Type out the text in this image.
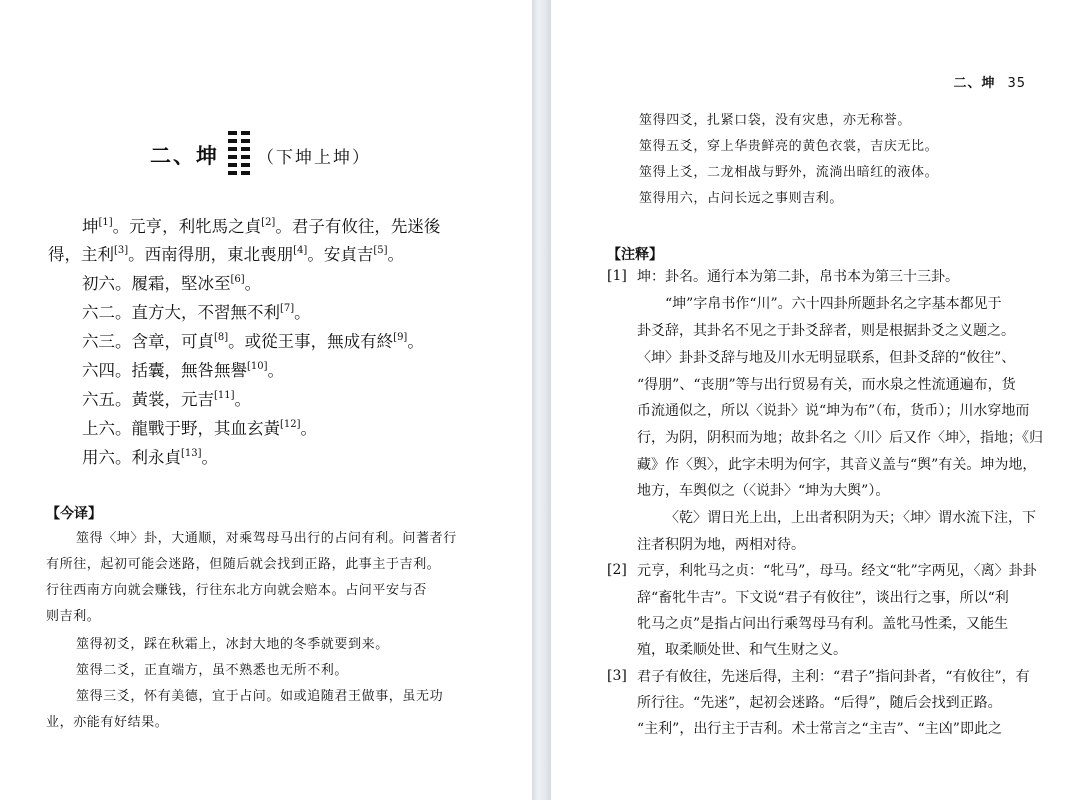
二、坤 （下坤上坤）
坤[1]。元亨，利牝馬之貞[2]。君子有攸往，先迷後
得，主利[3]。西南得朋，東北喪朋[4]。安貞吉[5]。
初六。履霜，堅冰至[6]。
六二。直方大，不習無不利[7]。
六三。含章，可貞[8]。或從王事，無成有終[9]。
六四。括囊，無咎無譽[10]。
六五。黃裳，元吉[11]。
上六。龍戰于野，其血玄黃[12]。
用六。利永貞[13]。
【今译】
筮得〈坤〉卦，大通顺，对乘驾母马出行的占问有利。问蓍者行
有所往，起初可能会迷路，但随后就会找到正路，此事主于吉利。
行往西南方向就会赚钱，行往东北方向就会赔本。占问平安与否
则吉利。
筮得初爻，踩在秋霜上，冰封大地的冬季就要到来。
筮得二爻，正直端方，虽不熟悉也无所不利。
筮得三爻，怀有美德，宜于占问。如或追随君王做事，虽无功
业，亦能有好结果。
二、坤 35
筮得四爻，扎紧口袋，没有灾患，亦无称誉。
筮得五爻，穿上华贵鲜亮的黄色衣裳，吉庆无比。
筮得上爻，二龙相战与野外，流淌出暗红的液体。
筮得用六，占问长远之事则吉利。
【注释】
[1] 坤：卦名。通行本为第二卦，帛书本为第三十三卦。
“坤”字帛书作“川”。六十四卦所题卦名之字基本都见于
卦爻辞，其卦名不见之于卦爻辞者，则是根据卦爻之义题之。
〈坤〉卦卦爻辞与地及川水无明显联系，但卦爻辞的“攸往”、
“得朋”、“丧朋”等与出行贸易有关，而水泉之性流通遍布，货
币流通似之，所以〈说卦〉说“坤为布”（布，货币）；川水穿地而
行，为阴，阴积而为地；故卦名之〈川〉后又作〈坤〉，指地；《归
藏》作〈舆〉，此字未明为何字，其音义盖与“舆”有关。坤为地，
地方，车舆似之（〈说卦〉“坤为大舆”）。
〈乾〉谓日光上出，上出者积阴为天；〈坤〉谓水流下注，下
注者积阴为地，两相对待。
[2] 元亨，利牝马之贞：“牝马”，母马。经文“牝”字两见，〈离〉卦卦
辞“畜牝牛吉”。下文说“君子有攸往”，谈出行之事，所以“利
牝马之贞”是指占问出行乘驾母马有利。盖牝马性柔，又能生
殖，取柔顺处世、和气生财之义。
[3] 君子有攸往，先迷后得，主利：“君子”指问卦者，“有攸往”，有
所行往。“先迷”，起初会迷路。“后得”，随后会找到正路。
“主利”，出行主于吉利。术士常言之“主吉”、“主凶”即此之
